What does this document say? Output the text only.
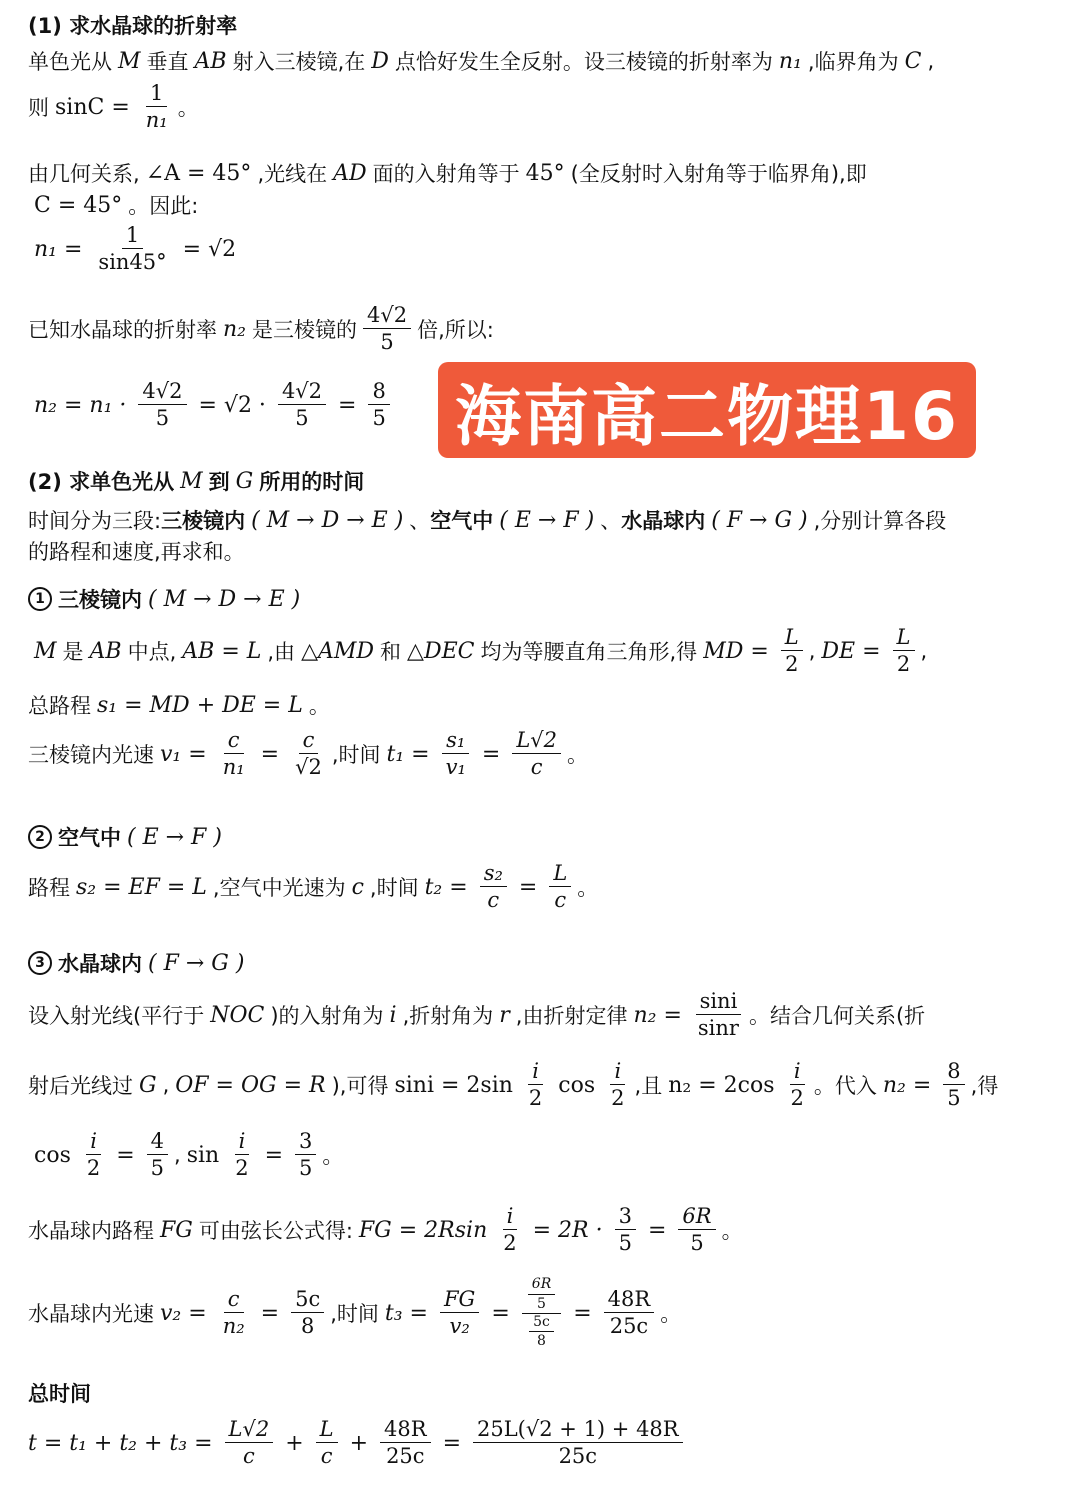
海南高二物理16
(1) 求水晶球的折射率
单色光从 M 垂直 AB 射入三棱镜,在 D 点恰好发生全反射。设三棱镜的折射率为 n₁ ,临界角为 C ,
则 $\sin C = \frac{1}{\text{n₁}}$ 。
由几何关系, ∠A = 45° ,光线在 AD 面的入射角等于 45° (全反射时入射角等于临界角),即
C = 45° 。因此:
$n_1 = \frac{1}{\sin 45^\circ} = √2$
已知水晶球的折射率 n₂ 是三棱镜的 $\frac{4√2}{5}$ 倍,所以:
$n_2 = n_1 \cdot \frac{4√2}{5} = √2 \cdot \frac{4√2}{5} = \frac{8}{5}$
(2) 求单色光从 M 到 G 所用的时间
时间分为三段: 三棱镜内 ( M → D → E ) 、 空气中 ( E → F ) 、 水晶球内 ( F → G ) ,分别计算各段
的路程和速度,再求和。
1 三棱镜内 ( M → D → E )
M 是 AB 中点, AB = L ,由 △AMD 和 △DEC 均为等腰直角三角形,得 MD = $\frac{L}{2}$ , DE = $\frac{L}{2}$ ,
总路程 s₁ = MD + DE = L 。
三棱镜内光速 $v_1 = \frac{c}{\text{n₁}} = \frac{c}{√2}$ ,时间 $t_1 = \frac{\text{s₁}}{\text{v₁}} = \frac{L√2}{c}$ 。
2 空气中 ( E → F )
路程 s₂ = EF = L ,空气中光速为 c ,时间 $t_2 = \frac{\text{s₂}}{c} = \frac{L}{c}$ 。
3 水晶球内 ( F → G )
设入射光线(平行于 NOC )的入射角为 i ,折射角为 r ,由折射定律 $n_2 = \frac{\sin i}{\sin r}$ 。结合几何关系(折
射后光线过 G , OF = OG = R ),可得 $\sin i = 2\sin \frac{i}{2}$ $\cos \frac{i}{2}$ ,且 $n_2 = 2\cos \frac{i}{2}$ 。代入 $n_2 = \frac{8}{5}$ ,得
$\cos \frac{i}{2} = \frac{4}{5}$ , $\sin \frac{i}{2} = \frac{3}{5}$ 。
水晶球内路程 FG 可由弦长公式得: FG = $2Rsin \frac{i}{2} = 2R \cdot \frac{3}{5} = \frac{6R}{5}$ 。
水晶球内光速 $v_2 = \frac{c}{\text{n₂}} = \frac{5c}{8}$ ,时间 $t_3 = \frac{FG}{\text{v₂}} = \frac{\frac{6R}{5}}{\frac{5c}{8}} = \frac{48R}{25c}$ 。
总时间
$t = t_1 + t_2 + t_3 = \frac{L√2}{c} + \frac{L}{c} + \frac{48R}{25c} = \frac{25L(√2 + 1) + 48R}{25c}$
